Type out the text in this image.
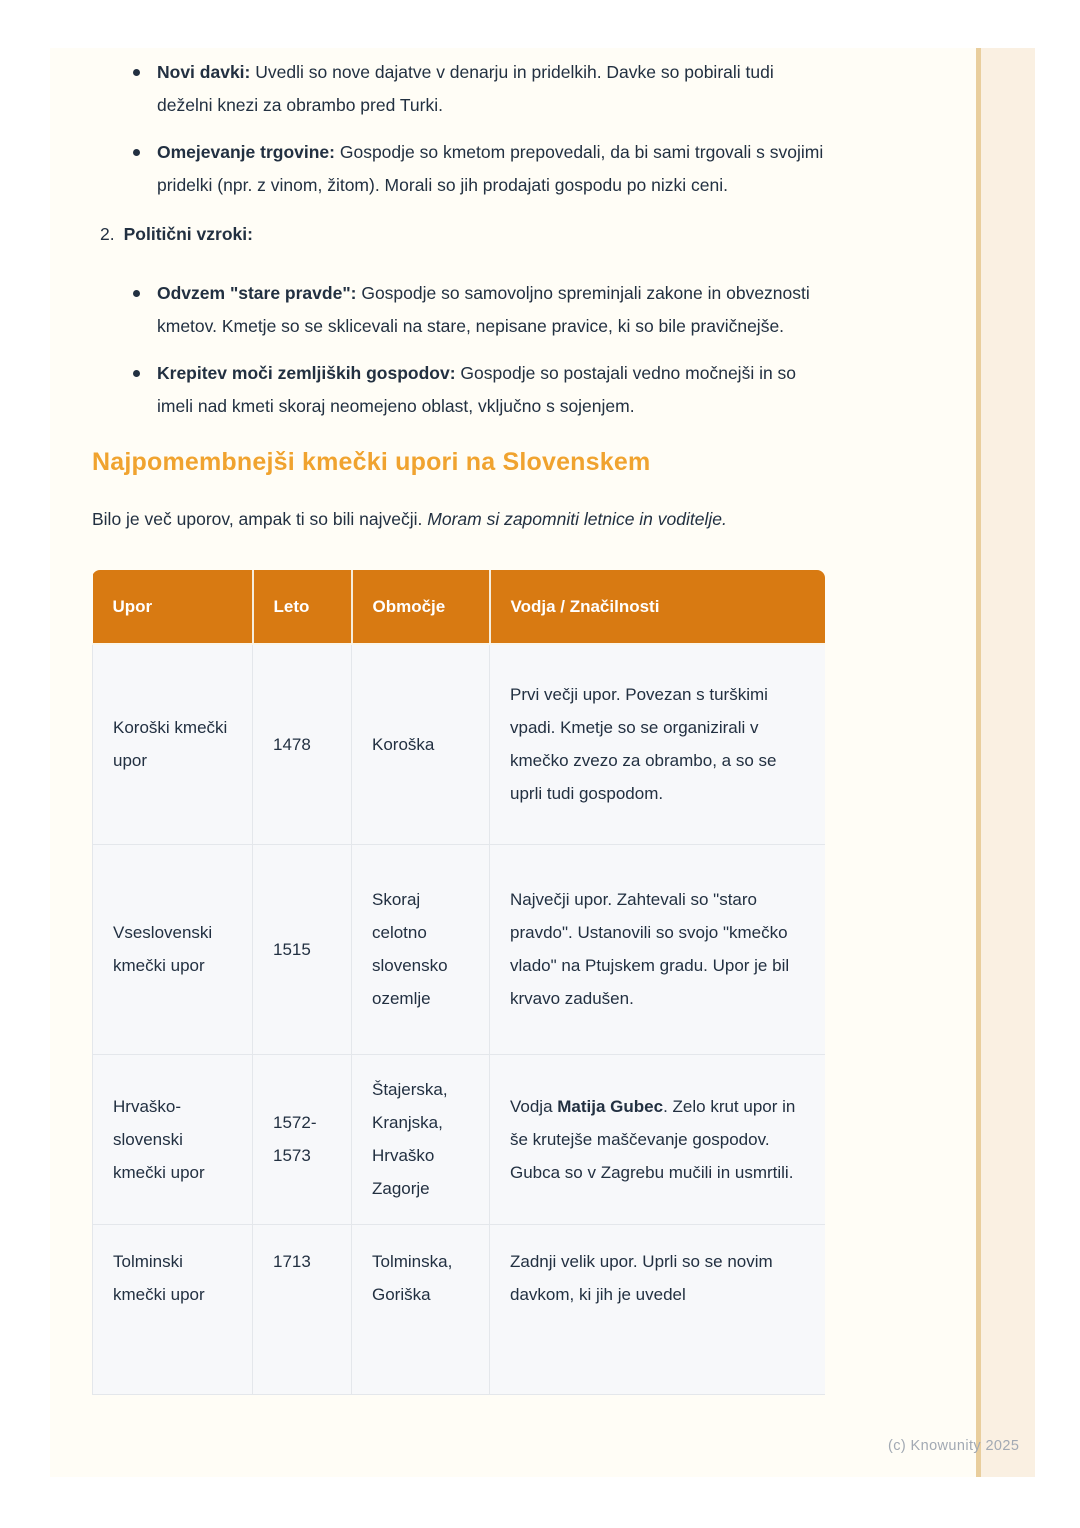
Novi davki: Uvedli so nove dajatve v denarju in pridelkih. Davke so pobirali tudi deželni knezi za obrambo pred Turki.
Omejevanje trgovine: Gospodje so kmetom prepovedali, da bi sami trgovali s svojimi pridelki (npr. z vinom, žitom). Morali so jih prodajati gospodu po nizki ceni.
2. Politični vzroki:
Odvzem "stare pravde": Gospodje so samovoljno spreminjali zakone in obveznosti kmetov. Kmetje so se sklicevali na stare, nepisane pravice, ki so bile pravičnejše.
Krepitev moči zemljiških gospodov: Gospodje so postajali vedno močnejši in so imeli nad kmeti skoraj neomejeno oblast, vključno s sojenjem.
Najpomembnejši kmečki upori na Slovenskem

Bilo je več uporov, ampak ti so bili največji. Moram si zapomniti letnice in voditelje.

Upor	Leto	Območje	Vodja / Značilnosti
Koroški kmečki upor	1478	Koroška	Prvi večji upor. Povezan s turškimi vpadi. Kmetje so se organizirali v kmečko zvezo za obrambo, a so se uprli tudi gospodom.
Vseslovenski kmečki upor	1515	Skoraj celotno slovensko ozemlje	Največji upor. Zahtevali so "staro pravdo". Ustanovili so svojo "kmečko vlado" na Ptujskem gradu. Upor je bil krvavo zadušen.
Hrvaško-slovenski kmečki upor	1572-1573	Štajerska, Kranjska, Hrvaško Zagorje	Vodja Matija Gubec. Zelo krut upor in še krutejše maščevanje gospodov. Gubca so v Zagrebu mučili in usmrtili.
Tolminski kmečki upor	1713	Tolminska, Goriška	Zadnji velik upor. Uprli so se novim davkom, ki jih je uvedel
(c) Knowunity 2025
